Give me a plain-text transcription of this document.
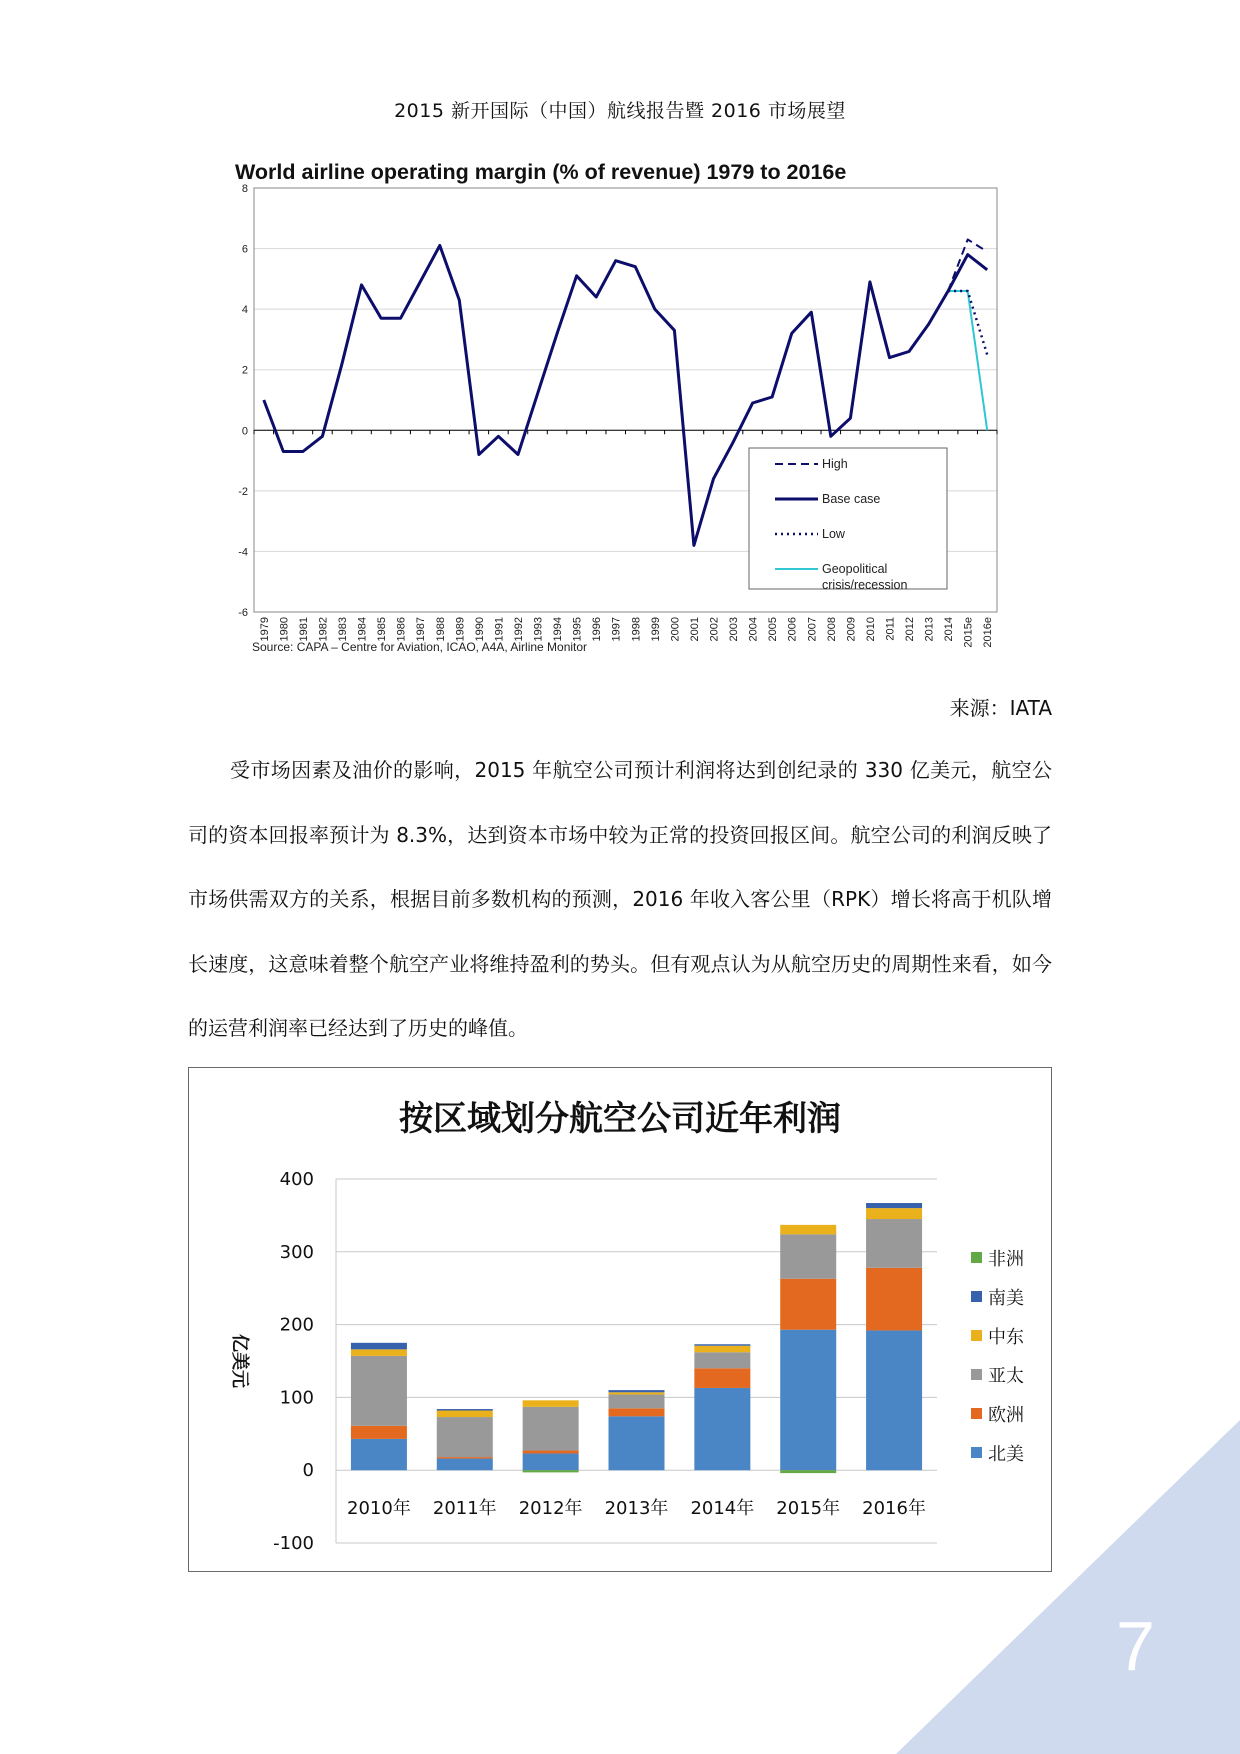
2015 新开国际（中国）航线报告暨 2016 市场展望
World airline operating margin (% of revenue) 1979 to 2016e
8
6
4
2
0
-2
-4
-6
1979 1980 1981 1982 1983 1984 1985 1986 1987 1988 1989 1990 1991 1992 1993 1994 1995 1996 1997 1998 1999 2000 2001 2002 2003 2004 2005 2006 2007 2008 2009 2010 2011 2012 2013 2014 2015e 2016e
Source: CAPA – Centre for Aviation, ICAO, A4A, Airline Monitor
High
Base case
Low
Geopolitical
crisis/recession
来源：IATA

受市场因素及油价的影响，2015 年航空公司预计利润将达到创纪录的 330 亿美元，航空公司的资本回报率预计为 8.3%，达到资本市场中较为正常的投资回报区间。航空公司的利润反映了市场供需双方的关系，根据目前多数机构的预测，2016 年收入客公里（RPK）增长将高于机队增长速度，这意味着整个航空产业将维持盈利的势头。但有观点认为从航空历史的周期性来看，如今的运营利润率已经达到了历史的峰值。

按区域划分航空公司近年利润
400
300
200
100
0
-100
亿美元
2010年 2011年 2012年 2013年 2014年 2015年 2016年
非洲
南美
中东
亚太
欧洲
北美
7
